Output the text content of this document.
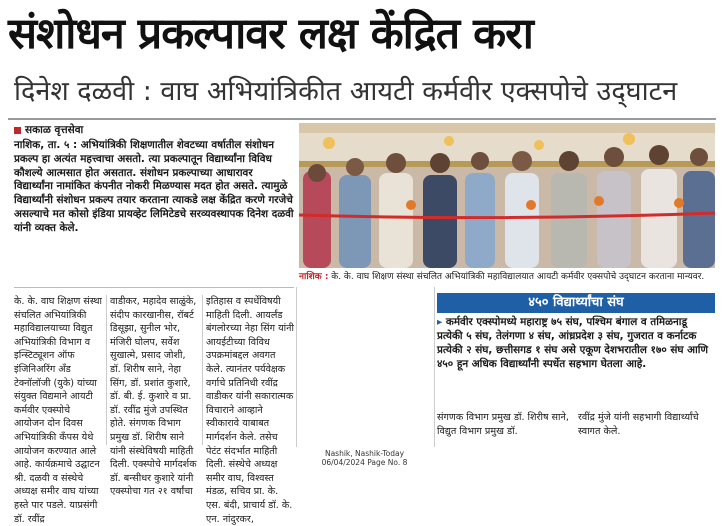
संशोधन प्रकल्पावर लक्ष केंद्रित करा
दिनेश दळवी : वाघ अभियांत्रिकीत आयटी कर्मवीर एक्सपोचे उद्‌घाटन
सकाळ वृत्तसेवा
नाशिक, ता. ५ : अभियांत्रिकी शिक्षणातील शेवटच्या वर्षातील संशोधन प्रकल्प हा अत्यंत महत्त्वाचा असतो. त्या प्रकल्पातून विद्यार्थ्यांना विविध कौशल्ये आत्मसात होत असतात. संशोधन प्रकल्पाच्या आधारावर विद्यार्थ्यांना नामांकित कंपनीत नोकरी मिळण्यास मदत होत असते. त्यामुळे विद्यार्थ्यांनी संशोधन प्रकल्प तयार करताना त्याकडे लक्ष केंद्रित करणे गरजेचे असल्याचे मत कोसो इंडिया प्रायव्हेट लिमिटेडचे सरव्यवस्थापक दिनेश दळवी यांनी व्यक्त केले.
नाशिक : के. के. वाघ शिक्षण संस्था संचलित अभियांत्रिकी महाविद्यालयात आयटी कर्मवीर एक्सपोचे उद्‌घाटन करताना मान्यवर.
के. के. वाघ शिक्षण संस्था संचलित अभियांत्रिकी महाविद्यालयाच्या विद्युत अभियांत्रिकी विभाग व इन्स्टिट्यूशन ऑफ इंजिनिअरिंग अँड टेक्नॉलॉजी (युके) यांच्या संयुक्त विद्यमाने आयटी कर्मवीर एक्स्पोचे आयोजन दोन दिवस अभियांत्रिकी कँपस येथे आयोजन करण्यात आले आहे. कार्यक्रमाचे उद्घाटन श्री. दळवी व संस्थेचे अध्यक्ष समीर वाघ यांच्या हस्ते पार पडले. याप्रसंगी डॉ. रवींद्र
वाडीकर, महादेव साळुंके, संदीप कारखानीस, रॉबर्ट डिसूझा, सुनील भोर, मंजिरी घोलप, सर्वेश सुखात्मे, प्रसाद जोशी, डॉ. शिरीष साने, नेहा सिंग, डॉ. प्रशांत कुशारे, डॉ. बी. ई. कुशारे व प्रा. डॉ. रवींद्र मुंजे उपस्थित होते. संगणक विभाग प्रमुख डॉ. शिरीष साने यांनी संस्थेविषयी माहिती दिली. एक्स्पोचे मार्गदर्शक डॉ. बन्सीधर कुशारे यांनी एक्स्पोचा गत २१ वर्षांचा
इतिहास व स्पर्धेविषयी माहिती दिली. आयर्लंड बंगलोरच्या नेहा सिंग यांनी आयईटीच्या विविध उपक्रमांबद्दल अवगत केले. त्यानंतर पर्यवेक्षक वर्गाचे प्रतिनिधी रवींद्र वाडीकर यांनी सकारात्मक विचाराने आव्हाने स्वीकारावे याबाबत मार्गदर्शन केले. तसेच पेटंट संदर्भात माहिती दिली. संस्थेचे अध्यक्ष समीर वाघ, विश्वस्त मंडळ, सचिव प्रा. के. एस. बंदी, प्राचार्य डॉ. के. एन. नांदुरकर,
४५० विद्यार्थ्यांचा संघ
▸ कर्मवीर एक्स्पोमध्ये महाराष्ट्र ७५ संघ, पश्चिम बंगाल व तमिळनाडू प्रत्येकी ५ संघ, तेलंगणा ४ संघ, आंध्रप्रदेश ३ संघ, गुजरात व कर्नाटक प्रत्येकी २ संघ, छत्तीसगड १ संघ असे एकूण देशभरातील १७० संघ आणि ४५० हून अधिक विद्यार्थ्यांनी स्पर्धेत सहभाग घेतला आहे.
संगणक विभाग प्रमुख डॉ. शिरीष साने, विद्युत विभाग प्रमुख डॉ.
रवींद्र मुंजे यांनी सहभागी विद्यार्थ्यांचे स्वागत केले.
Nashik, Nashik-Today
06/04/2024 Page No. 8
